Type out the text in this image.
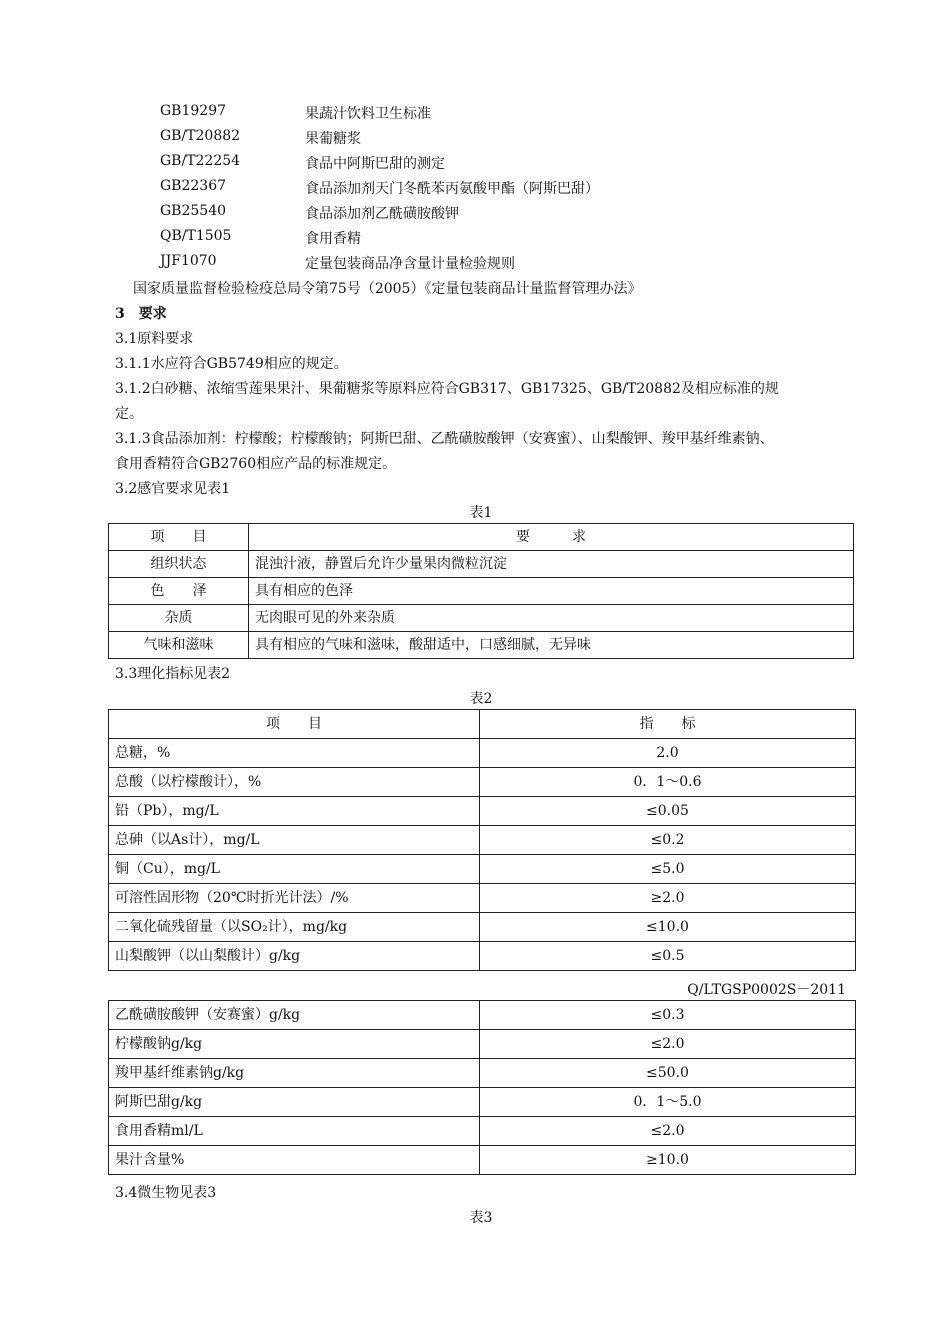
GB19297	果蔬汁饮料卫生标准
GB/T20882	果葡糖浆
GB/T22254	食品中阿斯巴甜的测定
GB22367	食品添加剂天门冬酰苯丙氨酸甲酯（阿斯巴甜）
GB25540	食品添加剂乙酰磺胺酸钾
QB/T1505	食用香精
JJF1070	定量包装商品净含量计量检验规则
国家质量监督检验检疫总局令第75号（2005）《定量包装商品计量监督管理办法》
3　要求
3.1原料要求
3.1.1水应符合GB5749相应的规定。
3.1.2白砂糖、浓缩雪莲果果汁、果葡糖浆等原料应符合GB317、GB17325、GB/T20882及相应标准的规
定。
3.1.3食品添加剂：柠檬酸；柠檬酸钠；阿斯巴甜、乙酰磺胺酸钾（安赛蜜）、山梨酸钾、羧甲基纤维素钠、
食用香精符合GB2760相应产品的标准规定。
3.2感官要求见表1
表1
项　　目	要　　　求
组织状态	混浊汁液，静置后允许少量果肉微粒沉淀
色　　泽	具有相应的色泽
杂质	无肉眼可见的外来杂质
气味和滋味	具有相应的气味和滋味，酸甜适中，口感细腻，无异味
3.3理化指标见表2
表2
项　　目	指　　标
总糖，%	2.0
总酸（以柠檬酸计），%	0．1～0.6
铅（Pb），mg/L	≤0.05
总砷（以As计），mg/L	≤0.2
铜（Cu），mg/L	≤5.0
可溶性固形物（20℃时折光计法）/%	≥2.0
二氧化硫残留量（以SO₂计），mg/kg	≤10.0
山梨酸钾（以山梨酸计）g/kg	≤0.5
Q/LTGSP0002S－2011
乙酰磺胺酸钾（安赛蜜）g/kg	≤0.3
柠檬酸钠g/kg	≤2.0
羧甲基纤维素钠g/kg	≤50.0
阿斯巴甜g/kg	0．1～5.0
食用香精ml/L	≤2.0
果汁含量%	≥10.0
3.4微生物见表3
表3
